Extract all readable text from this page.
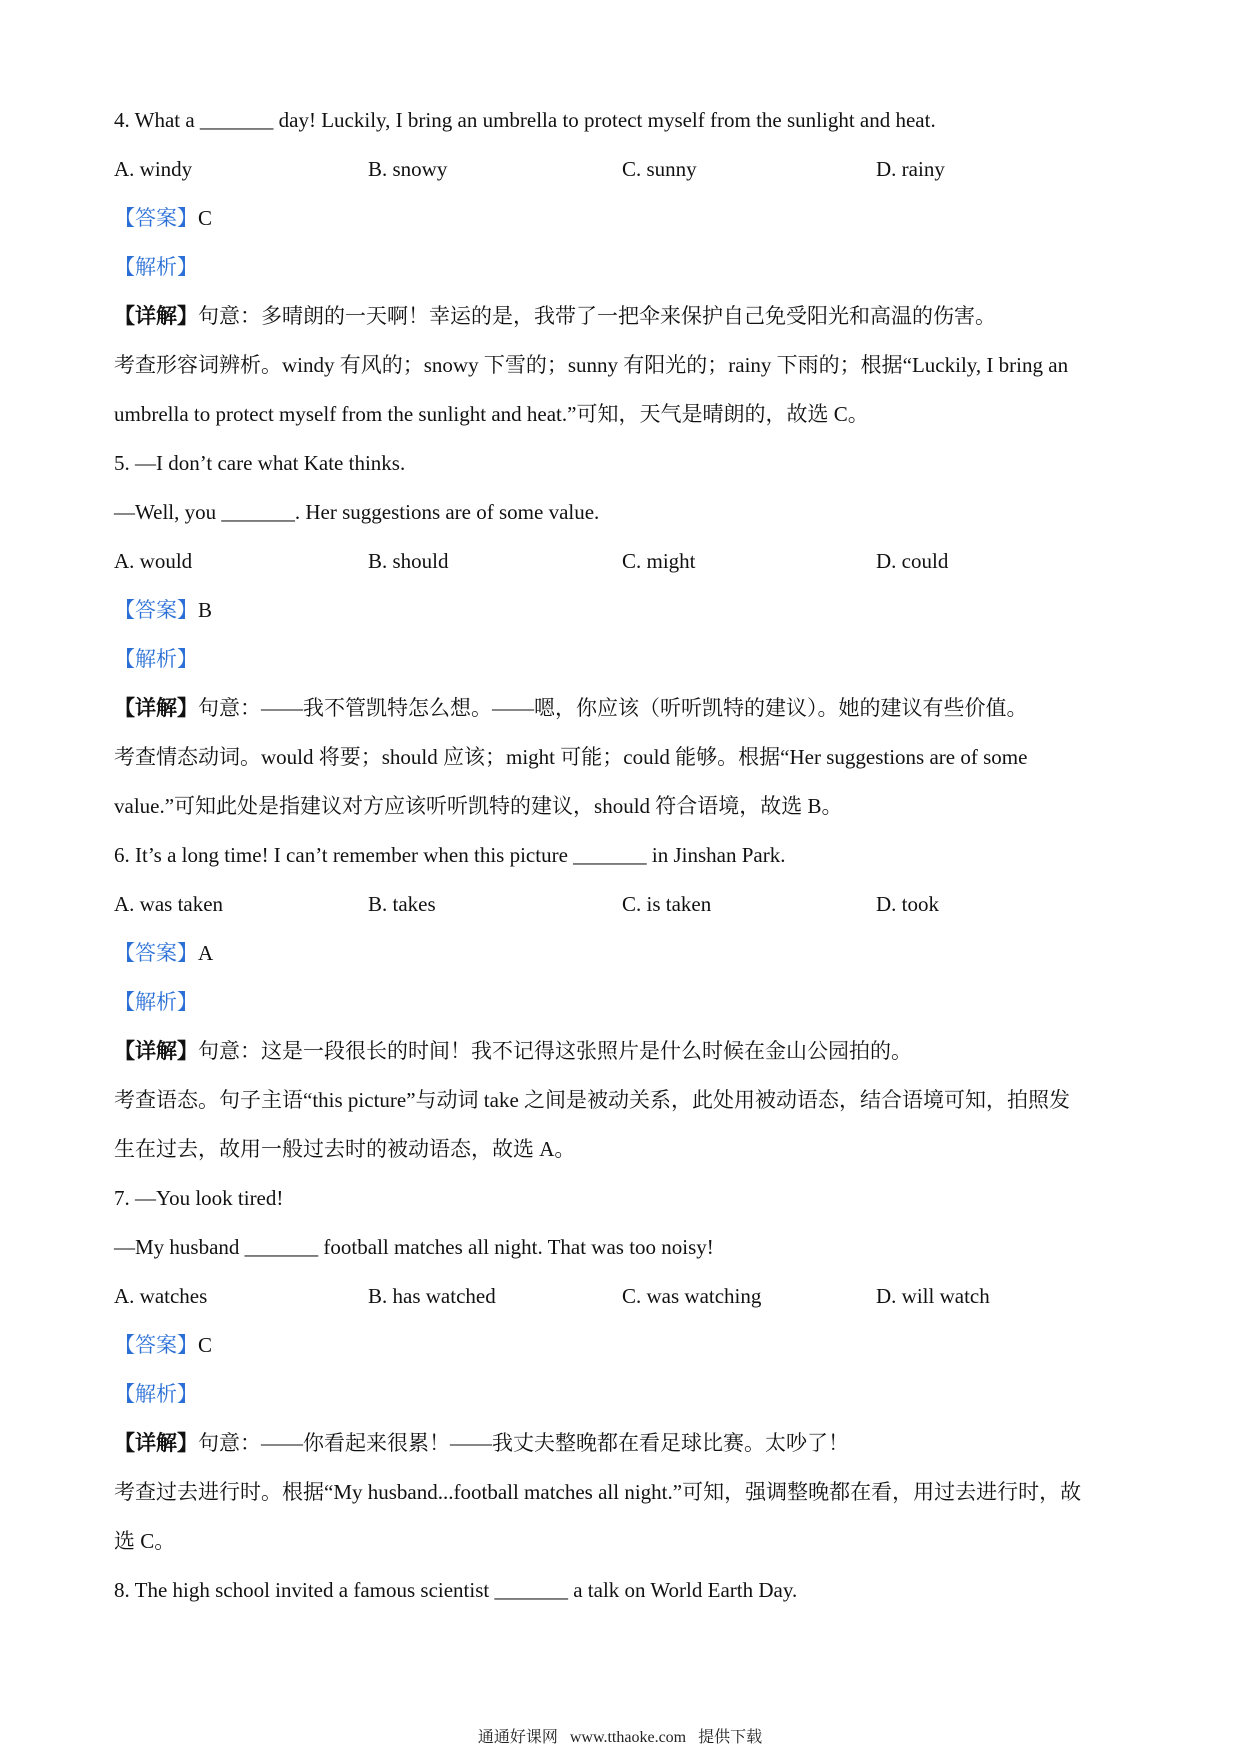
4. What a _______ day! Luckily, I bring an umbrella to protect myself from the sunlight and heat.
A. windy	B. snowy	C. sunny	D. rainy
【答案】C
【解析】
【详解】句意：多晴朗的一天啊！幸运的是，我带了一把伞来保护自己免受阳光和高温的伤害。
考查形容词辨析。windy 有风的；snowy 下雪的；sunny 有阳光的；rainy 下雨的；根据“Luckily, I bring an
umbrella to protect myself from the sunlight and heat.”可知，天气是晴朗的，故选 C。
5. —I don’t care what Kate thinks.
—Well, you _______. Her suggestions are of some value.
A. would	B. should	C. might	D. could
【答案】B
【解析】
【详解】句意：——我不管凯特怎么想。——嗯，你应该（听听凯特的建议）。她的建议有些价值。
考查情态动词。would 将要；should 应该；might 可能；could 能够。根据“Her suggestions are of some
value.”可知此处是指建议对方应该听听凯特的建议，should 符合语境，故选 B。
6. It’s a long time! I can’t remember when this picture _______ in Jinshan Park.
A. was taken	B. takes	C. is taken	D. took
【答案】A
【解析】
【详解】句意：这是一段很长的时间！我不记得这张照片是什么时候在金山公园拍的。
考查语态。句子主语“this picture”与动词 take 之间是被动关系，此处用被动语态，结合语境可知，拍照发
生在过去，故用一般过去时的被动语态，故选 A。
7. —You look tired!
—My husband _______ football matches all night. That was too noisy!
A. watches	B. has watched	C. was watching	D. will watch
【答案】C
【解析】
【详解】句意：——你看起来很累！——我丈夫整晚都在看足球比赛。太吵了！
考查过去进行时。根据“My husband...football matches all night.”可知，强调整晚都在看，用过去进行时，故
选 C。
8. The high school invited a famous scientist _______ a talk on World Earth Day.
通通好课网 www.tthaoke.com 提供下载
